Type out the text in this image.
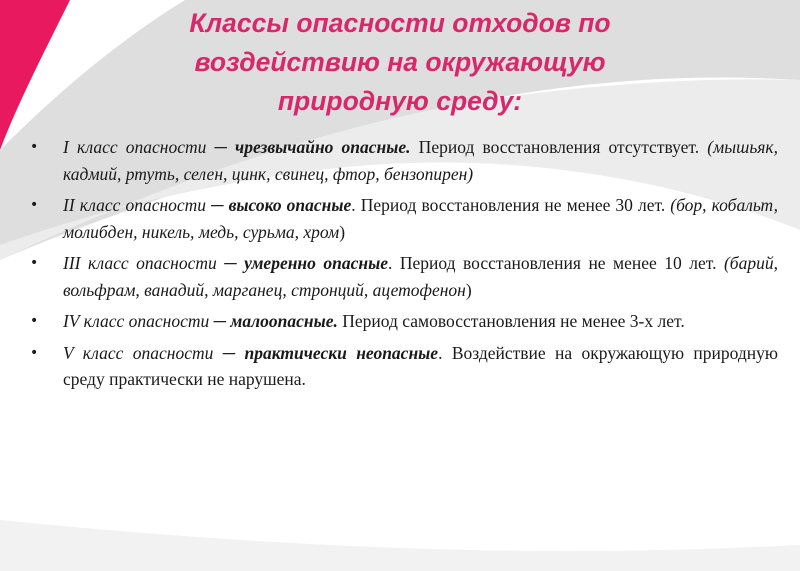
Классы опасности отходов по
воздействию на окружающую
природную среду:
• I класс опасности ─ чрезвычайно опасные. Период восстановления отсутствует. (мышьяк, кадмий, ртуть, селен, цинк, свинец, фтор, бензопирен)
• II класс опасности ─ высоко опасные. Период восстановления не менее 30 лет. (бор, кобальт, молибден, никель, медь, сурьма, хром)
• III класс опасности ─ умеренно опасные. Период восстановления не менее 10 лет. (барий, вольфрам, ванадий, марганец, стронций, ацетофенон)
• IV класс опасности ─ малоопасные. Период самовосстановления не менее 3-х лет.
• V класс опасности ─ практически неопасные. Воздействие на окружающую природную среду практически не нарушена.
